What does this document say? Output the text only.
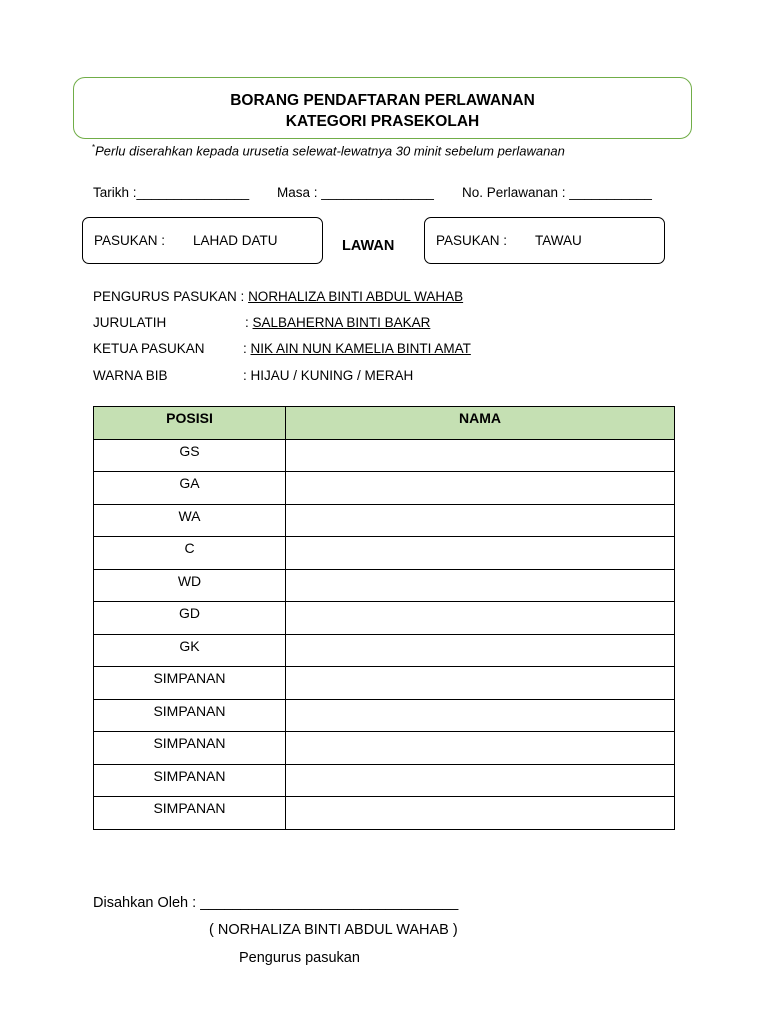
BORANG PENDAFTARAN PERLAWANAN
KATEGORI PRASEKOLAH
*Perlu diserahkan kepada urusetia selewat-lewatnya 30 minit sebelum perlawanan
Tarikh :_______________ Masa : _______________ No. Perlawanan : ___________
PASUKAN : LAHAD DATU	LAWAN	PASUKAN : TAWAU
PENGURUS PASUKAN : NORHALIZA BINTI ABDUL WAHAB
JURULATIH	: SALBAHERNA BINTI BAKAR
KETUA PASUKAN	: NIK AIN NUN KAMELIA BINTI AMAT
WARNA BIB	: HIJAU / KUNING / MERAH
POSISI	NAMA
GS	
GA	
WA	
C	
WD	
GD	
GK	
SIMPANAN	
SIMPANAN	
SIMPANAN	
SIMPANAN	
SIMPANAN	
Disahkan Oleh : ________________________________
( NORHALIZA BINTI ABDUL WAHAB )
Pengurus pasukan
